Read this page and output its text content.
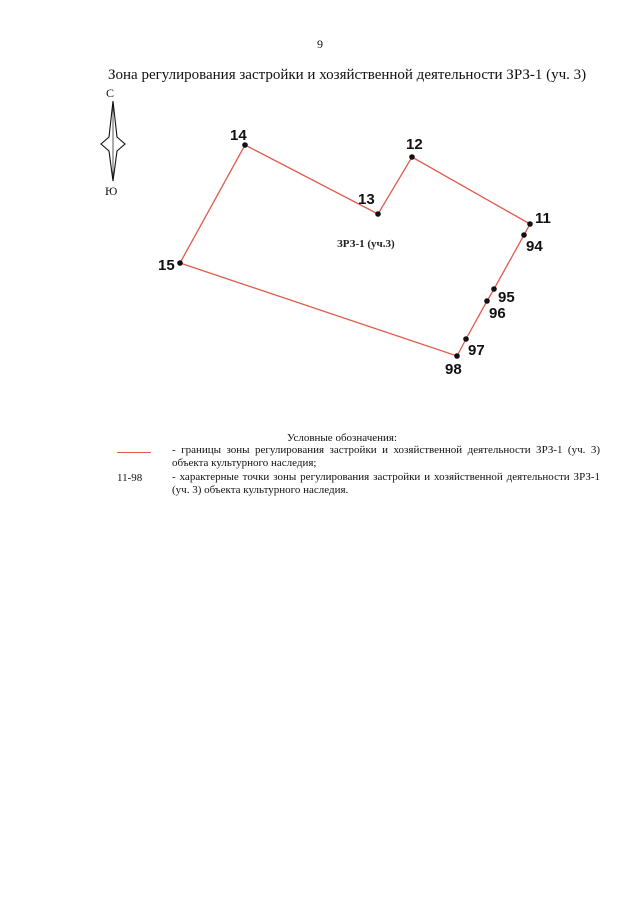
9
Зона регулирования застройки и хозяйственной деятельности ЗРЗ-1 (уч. 3)
С
Ю
11
12
13
14
15
98
97
96
95
94
ЗРЗ-1 (уч.3)
Условные обозначения:
- границы зоны регулирования застройки и хозяйственной деятельности ЗРЗ-1 (уч. 3) объекта культурного наследия;
11-98	- характерные точки зоны регулирования застройки и хозяйственной деятельности ЗРЗ-1 (уч. 3) объекта культурного наследия.
